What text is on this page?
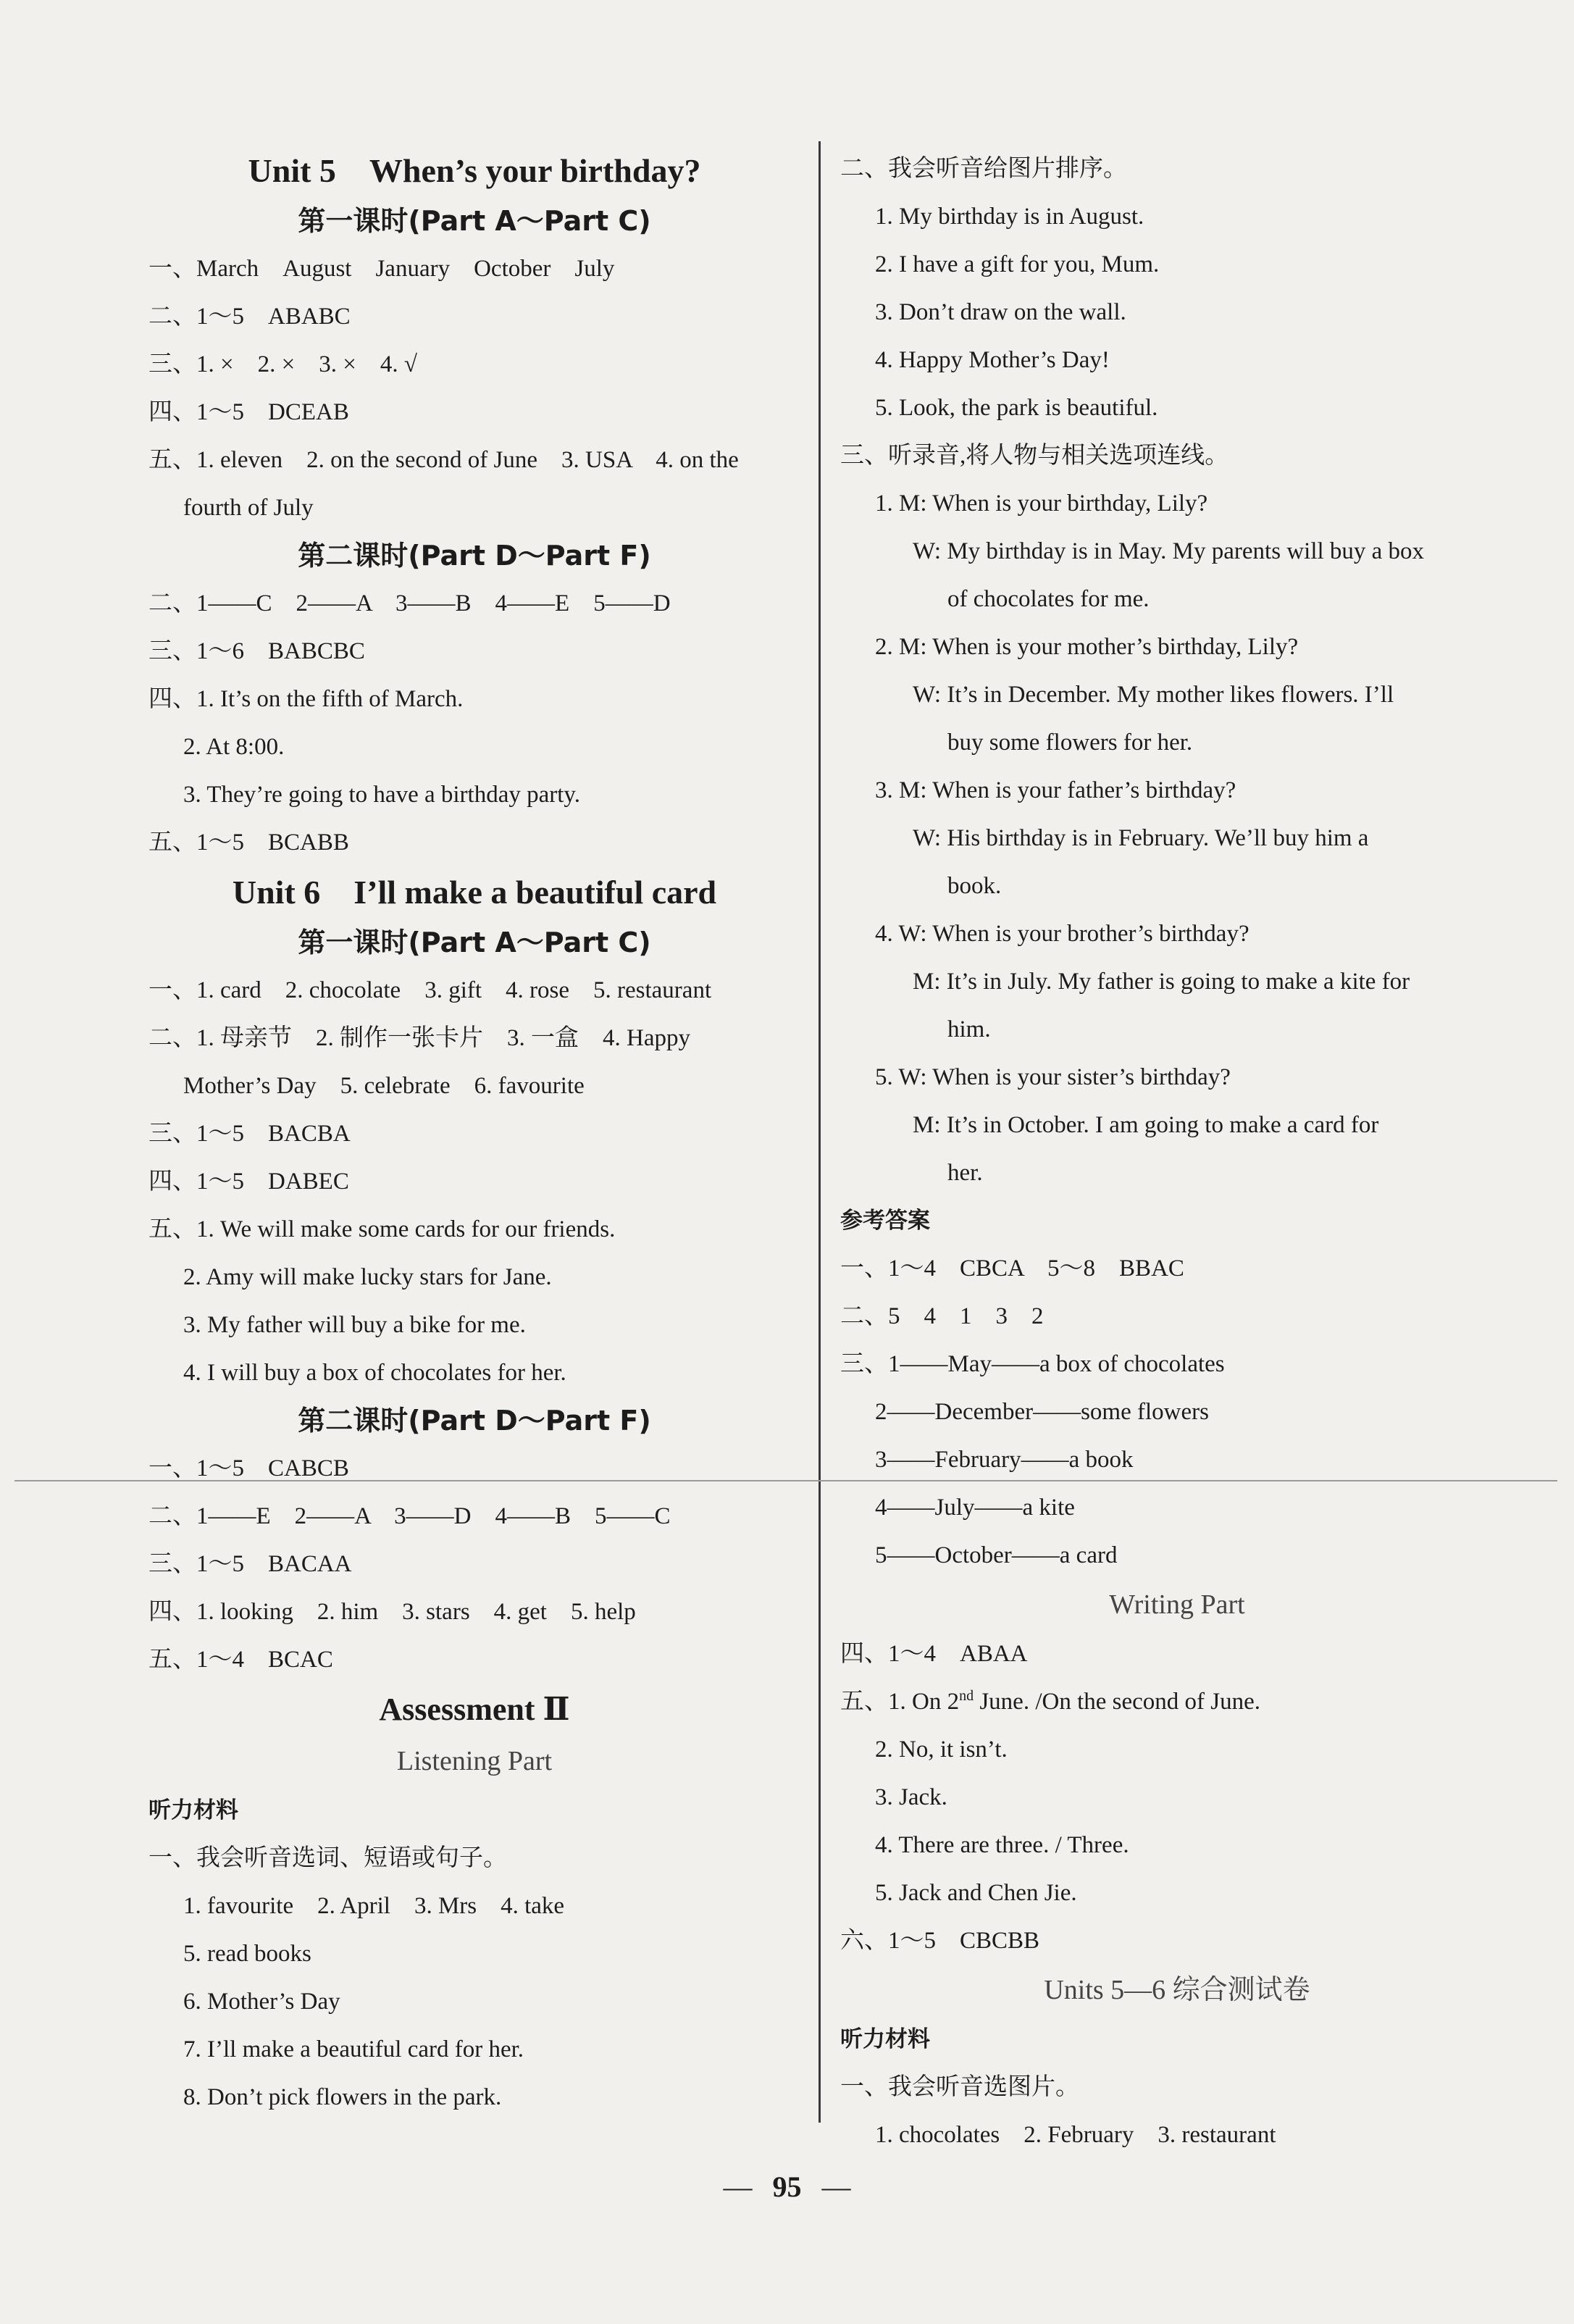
Unit 5　When’s your birthday?
第一课时(Part A～Part C)
一、March　August　January　October　July
二、1～5　ABABC
三、1. ×　2. ×　3. ×　4. √
四、1～5　DCEAB
五、1. eleven　2. on the second of June　3. USA　4. on the
fourth of July
第二课时(Part D～Part F)
二、1——C　2——A　3——B　4——E　5——D
三、1～6　BABCBC
四、1. It’s on the fifth of March.
2. At 8:00.
3. They’re going to have a birthday party.
五、1～5　BCABB
Unit 6　I’ll make a beautiful card
第一课时(Part A～Part C)
一、1. card　2. chocolate　3. gift　4. rose　5. restaurant
二、1. 母亲节　2. 制作一张卡片　3. 一盒　4. Happy
Mother’s Day　5. celebrate　6. favourite
三、1～5　BACBA
四、1～5　DABEC
五、1. We will make some cards for our friends.
2. Amy will make lucky stars for Jane.
3. My father will buy a bike for me.
4. I will buy a box of chocolates for her.
第二课时(Part D～Part F)
一、1～5　CABCB
二、1——E　2——A　3——D　4——B　5——C
三、1～5　BACAA
四、1. looking　2. him　3. stars　4. get　5. help
五、1～4　BCAC
Assessment Ⅱ
Listening Part
听力材料
一、我会听音选词、短语或句子。
1. favourite　2. April　3. Mrs　4. take
5. read books
6. Mother’s Day
7. I’ll make a beautiful card for her.
8. Don’t pick flowers in the park.
二、我会听音给图片排序。
1. My birthday is in August.
2. I have a gift for you, Mum.
3. Don’t draw on the wall.
4. Happy Mother’s Day!
5. Look, the park is beautiful.
三、听录音,将人物与相关选项连线。
1. M: When is your birthday, Lily?
W: My birthday is in May. My parents will buy a box
of chocolates for me.
2. M: When is your mother’s birthday, Lily?
W: It’s in December. My mother likes flowers. I’ll
buy some flowers for her.
3. M: When is your father’s birthday?
W: His birthday is in February. We’ll buy him a
book.
4. W: When is your brother’s birthday?
M: It’s in July. My father is going to make a kite for
him.
5. W: When is your sister’s birthday?
M: It’s in October. I am going to make a card for
her.
参考答案
一、1～4　CBCA　5～8　BBAC
二、5　4　1　3　2
三、1——May——a box of chocolates
2——December——some flowers
3——February——a book
4——July——a kite
5——October——a card
Writing Part
四、1～4　ABAA
五、1. On 2nd June. /On the second of June.
2. No, it isn’t.
3. Jack.
4. There are three. / Three.
5. Jack and Chen Jie.
六、1～5　CBCBB
Units 5—6 综合测试卷
听力材料
一、我会听音选图片。
1. chocolates　2. February　3. restaurant
— 95 —
